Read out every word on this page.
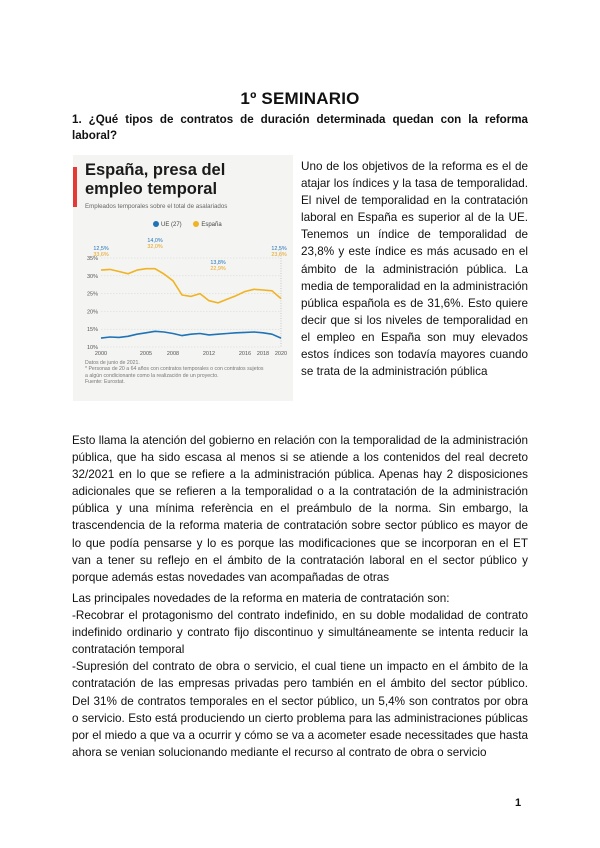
1º SEMINARIO
1. ¿Qué tipos de contratos de duración determinada quedan con la reforma laboral?
España, presa del
empleo temporal
Empleados temporales sobre el total de asalariados
UE (27)	España
35%
30%
25%
20%
15%
10%
2000	2005	2008	2012	2016 2018 2020
12,5%
33,6%
14,0%
32,0%
13,8%
22,9%
12,5%
23,6%
Datos de junio de 2021.
* Personas de 20 a 64 años con contratos temporales o con contratos sujetos
a algún condicionante como la realización de un proyecto.
Fuente: Eurostat.
Uno de los objetivos de la reforma es el de atajar los índices y la tasa de temporalidad. El nivel de temporalidad en la contratación laboral en España es superior al de la UE. Tenemos un índice de temporalidad de 23,8% y este índice es más acusado en el ámbito de la administración pública. La media de temporalidad en la administración pública española es de 31,6%. Esto quiere decir que si los niveles de temporalidad en el empleo en España son muy elevados estos índices son todavía mayores cuando se trata de la administración pública
Esto llama la atención del gobierno en relación con la temporalidad de la administración pública, que ha sido escasa al menos si se atiende a los contenidos del real decreto 32/2021 en lo que se refiere a la administración pública. Apenas hay 2 disposiciones adicionales que se refieren a la temporalidad o a la contratación de la administración pública y una mínima referència en el preámbulo de la norma. Sin embargo, la trascendencia de la reforma materia de contratación sobre sector público es mayor de lo que podía pensarse y lo es porque las modificaciones que se incorporan en el ET van a tener su reflejo en el ámbito de la contratación laboral en el sector público y porque además estas novedades van acompañadas de otras
Las principales novedades de la reforma en materia de contratación son:
-Recobrar el protagonismo del contrato indefinido, en su doble modalidad de contrato indefinido ordinario y contrato fijo discontinuo y simultáneamente se intenta reducir la contratación temporal
-Supresión del contrato de obra o servicio, el cual tiene un impacto en el ámbito de la contratación de las empresas privadas pero también en el ámbito del sector público. Del 31% de contratos temporales en el sector público, un 5,4% son contratos por obra o servicio. Esto está produciendo un cierto problema para las administraciones públicas por el miedo a que va a ocurrir y cómo se va a acometer esade necessitades que hasta ahora se venian solucionando mediante el recurso al contrato de obra o servicio
1
